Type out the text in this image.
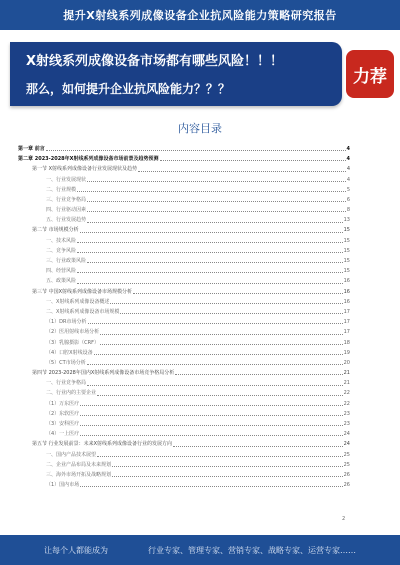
提升X射线系列成像设备企业抗风险能力策略研究报告
X射线系列成像设备市场都有哪些风险！！！
那么，如何提升企业抗风险能力？？？
力荐
内容目录
第一章 前言	4
第二章 2023-2028年X射线系列成像设备市场前景及趋势预测	4
第一节 X射线系列成像设备行业发展现状及趋势	4
一、行业发展现状	4
二、行业规模	5
三、行业竞争格局	6
四、行业驱动因素	8
五、行业发展趋势	13
第二节 市场规模分析	15
一、技术风险	15
二、竞争风险	15
三、行业政策风险	15
四、经营风险	15
五、政策风险	16
第三节 中国X射线系列成像设备市场规模分析	16
一、X射线系列成像设备概述	16
二、X射线系列成像设备市场规模	17
（1）DR市场分析	17
（2）医用射线市场分析	17
（3）乳腺摄影（CRF）	18
（4）口腔X射线设备	19
（5）CT市场分析	20
第四节 2023-2028年国内X射线系列成像设备市场竞争格局分析	21
一、行业竞争格局	21
二、行业内的主要企业	22
（1）万东医疗	22
（2）东软医疗	23
（3）安科医疗	23
（4）一上医疗	24
第五节 行业发展前景：未来X射线系列成像设备行业的发展方向	24
一、国内产品技术展望	25
二、企业产品布局及未来规划	25
三、海外市场开拓及战略规划	26
（1）国内市场	26
2
让每个人都能成为	行业专家、管理专家、营销专家、战略专家、运营专家……
